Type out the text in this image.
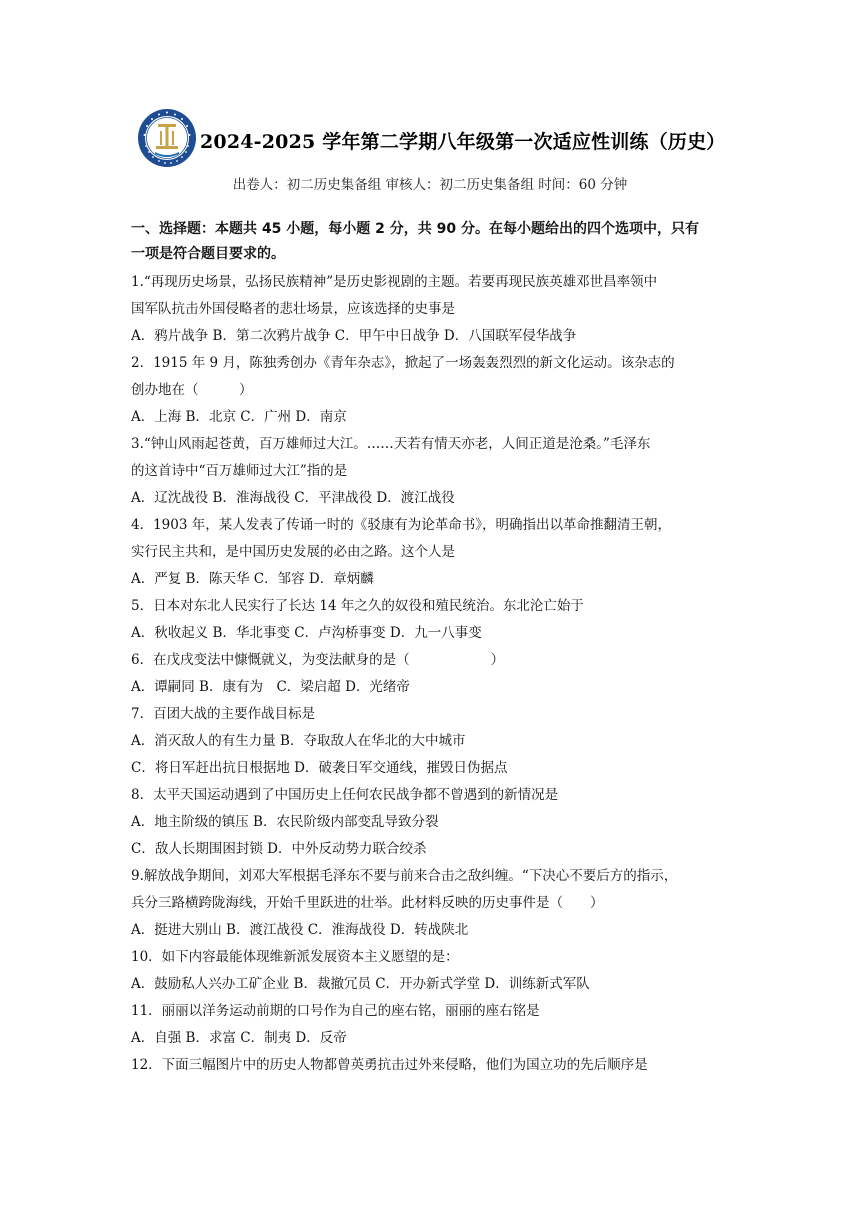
2024-2025 学年第二学期八年级第一次适应性训练（历史）
出卷人：初二历史集备组 审核人：初二历史集备组 时间：60 分钟
一、选择题：本题共 45 小题，每小题 2 分，共 90 分。在每小题给出的四个选项中，只有
一项是符合题目要求的。
1.“再现历史场景，弘扬民族精神”是历史影视剧的主题。若要再现民族英雄邓世昌率领中
国军队抗击外国侵略者的悲壮场景，应该选择的史事是
A．鸦片战争 B．第二次鸦片战争 C．甲午中日战争 D．八国联军侵华战争
2．1915 年 9 月，陈独秀创办《青年杂志》，掀起了一场轰轰烈烈的新文化运动。该杂志的
创办地在（　　　）
A．上海 B．北京 C．广州 D．南京
3.“钟山风雨起苍黄，百万雄师过大江。……天若有情天亦老，人间正道是沧桑。”毛泽东
的这首诗中“百万雄师过大江”指的是
A．辽沈战役 B．淮海战役 C．平津战役 D．渡江战役
4．1903 年，某人发表了传诵一时的《驳康有为论革命书》，明确指出以革命推翻清王朝，
实行民主共和，是中国历史发展的必由之路。这个人是
A．严复 B．陈天华 C．邹容 D．章炳麟
5．日本对东北人民实行了长达 14 年之久的奴役和殖民统治。东北沦亡始于
A．秋收起义 B．华北事变 C．卢沟桥事变 D．九一八事变
6．在戊戌变法中慷慨就义，为变法献身的是（　　　　　　）
A．谭嗣同 B．康有为　C．梁启超 D．光绪帝
7．百团大战的主要作战目标是
A．消灭敌人的有生力量 B．夺取敌人在华北的大中城市
C．将日军赶出抗日根据地 D．破袭日军交通线，摧毁日伪据点
8．太平天国运动遇到了中国历史上任何农民战争都不曾遇到的新情况是
A．地主阶级的镇压 B．农民阶级内部变乱导致分裂
C．敌人长期围困封锁 D．中外反动势力联合绞杀
9.解放战争期间，刘邓大军根据毛泽东不要与前来合击之敌纠缠。“下决心不要后方的指示，
兵分三路横跨陇海线，开始千里跃进的壮举。此材料反映的历史事件是（　　）
A．挺进大别山 B．渡江战役 C．淮海战役 D．转战陕北
10．如下内容最能体现维新派发展资本主义愿望的是：
A．鼓励私人兴办工矿企业 B．裁撤冗员 C．开办新式学堂 D．训练新式军队
11．丽丽以洋务运动前期的口号作为自己的座右铭，丽丽的座右铭是
A．自强 B．求富 C．制夷 D．反帝
12．下面三幅图片中的历史人物都曾英勇抗击过外来侵略，他们为国立功的先后顺序是
